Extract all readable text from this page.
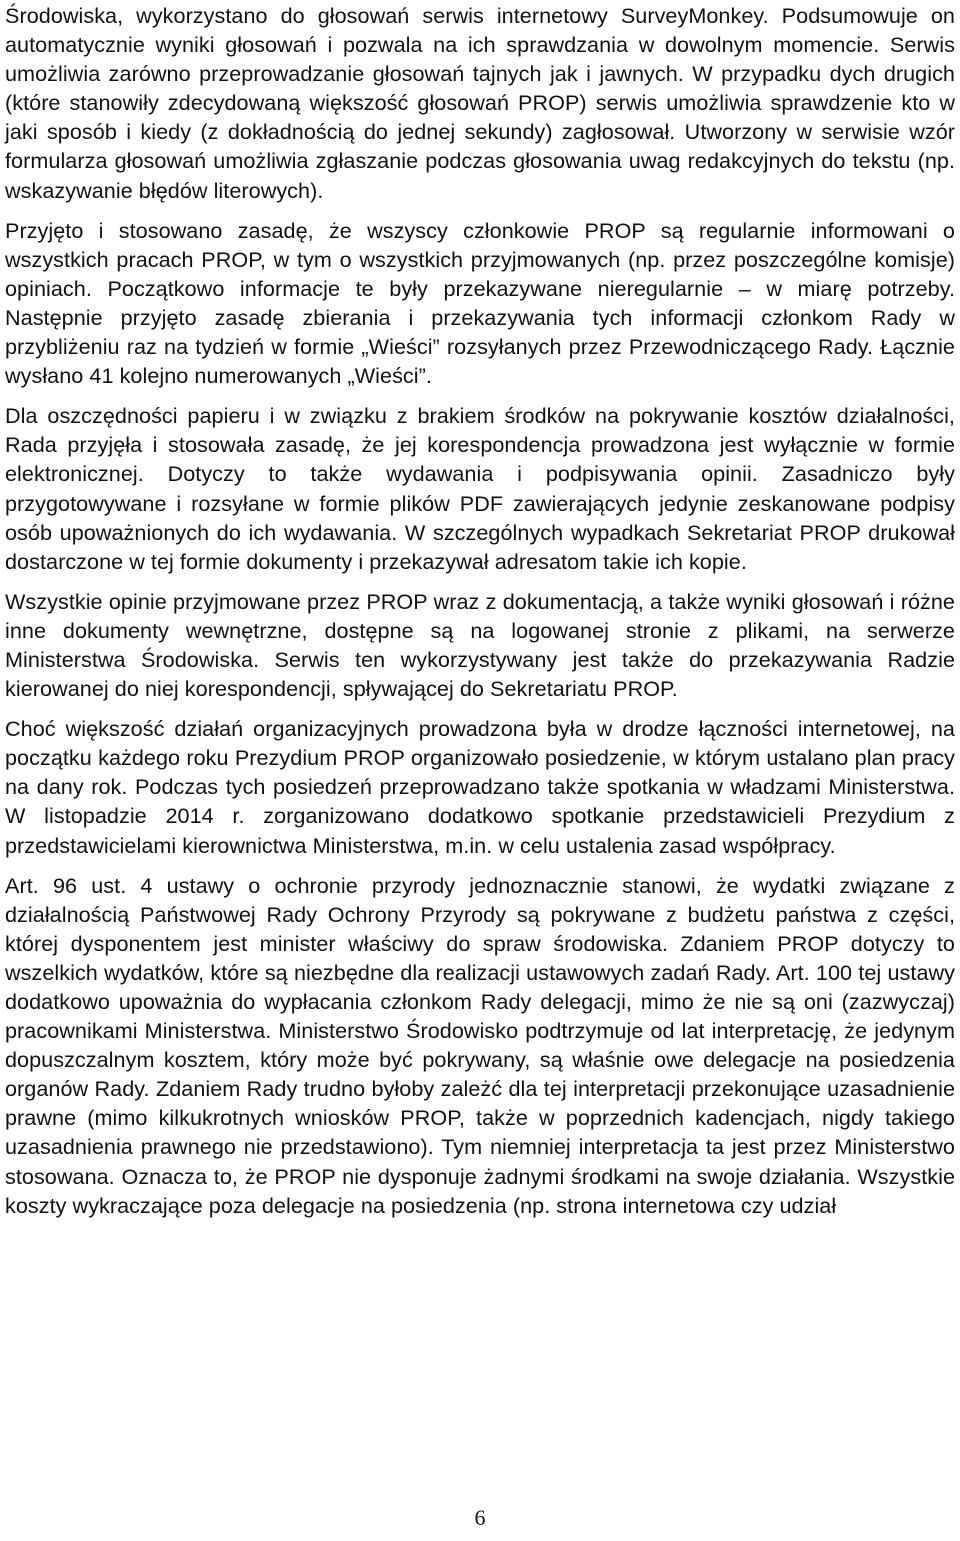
Środowiska, wykorzystano do głosowań serwis internetowy SurveyMonkey. Podsumowuje on automatycznie wyniki głosowań i pozwala na ich sprawdzania w dowolnym momencie. Serwis umożliwia zarówno przeprowadzanie głosowań tajnych jak i jawnych. W przypadku dych drugich (które stanowiły zdecydowaną większość głosowań PROP) serwis umożliwia sprawdzenie kto w jaki sposób i kiedy (z dokładnością do jednej sekundy) zagłosował. Utworzony w serwisie wzór formularza głosowań umożliwia zgłaszanie podczas głosowania uwag redakcyjnych do tekstu (np. wskazywanie błędów literowych).

Przyjęto i stosowano zasadę, że wszyscy członkowie PROP są regularnie informowani o wszystkich pracach PROP, w tym o wszystkich przyjmowanych (np. przez poszczególne komisje) opiniach. Początkowo informacje te były przekazywane nieregularnie – w miarę potrzeby. Następnie przyjęto zasadę zbierania i przekazywania tych informacji członkom Rady w przybliżeniu raz na tydzień w formie „Wieści” rozsyłanych przez Przewodniczącego Rady. Łącznie wysłano 41 kolejno numerowanych „Wieści”.

Dla oszczędności papieru i w związku z brakiem środków na pokrywanie kosztów działalności, Rada przyjęła i stosowała zasadę, że jej korespondencja prowadzona jest wyłącznie w formie elektronicznej. Dotyczy to także wydawania i podpisywania opinii. Zasadniczo były przygotowywane i rozsyłane w formie plików PDF zawierających jedynie zeskanowane podpisy osób upoważnionych do ich wydawania. W szczególnych wypadkach Sekretariat PROP drukował dostarczone w tej formie dokumenty i przekazywał adresatom takie ich kopie.

Wszystkie opinie przyjmowane przez PROP wraz z dokumentacją, a także wyniki głosowań i różne inne dokumenty wewnętrzne, dostępne są na logowanej stronie z plikami, na serwerze Ministerstwa Środowiska. Serwis ten wykorzystywany jest także do przekazywania Radzie kierowanej do niej korespondencji, spływającej do Sekretariatu PROP.

Choć większość działań organizacyjnych prowadzona była w drodze łączności internetowej, na początku każdego roku Prezydium PROP organizowało posiedzenie, w którym ustalano plan pracy na dany rok. Podczas tych posiedzeń przeprowadzano także spotkania w władzami Ministerstwa. W listopadzie 2014 r. zorganizowano dodatkowo spotkanie przedstawicieli Prezydium z przedstawicielami kierownictwa Ministerstwa, m.in. w celu ustalenia zasad współpracy.

Art. 96 ust. 4 ustawy o ochronie przyrody jednoznacznie stanowi, że wydatki związane z działalnością Państwowej Rady Ochrony Przyrody są pokrywane z budżetu państwa z części, której dysponentem jest minister właściwy do spraw środowiska. Zdaniem PROP dotyczy to wszelkich wydatków, które są niezbędne dla realizacji ustawowych zadań Rady. Art. 100 tej ustawy dodatkowo upoważnia do wypłacania członkom Rady delegacji, mimo że nie są oni (zazwyczaj) pracownikami Ministerstwa. Ministerstwo Środowisko podtrzymuje od lat interpretację, że jedynym dopuszczalnym kosztem, który może być pokrywany, są właśnie owe delegacje na posiedzenia organów Rady. Zdaniem Rady trudno byłoby zależć dla tej interpretacji przekonujące uzasadnienie prawne (mimo kilkukrotnych wniosków PROP, także w poprzednich kadencjach, nigdy takiego uzasadnienia prawnego nie przedstawiono). Tym niemniej interpretacja ta jest przez Ministerstwo stosowana. Oznacza to, że PROP nie dysponuje żadnymi środkami na swoje działania. Wszystkie koszty wykraczające poza delegacje na posiedzenia (np. strona internetowa czy udział

6
